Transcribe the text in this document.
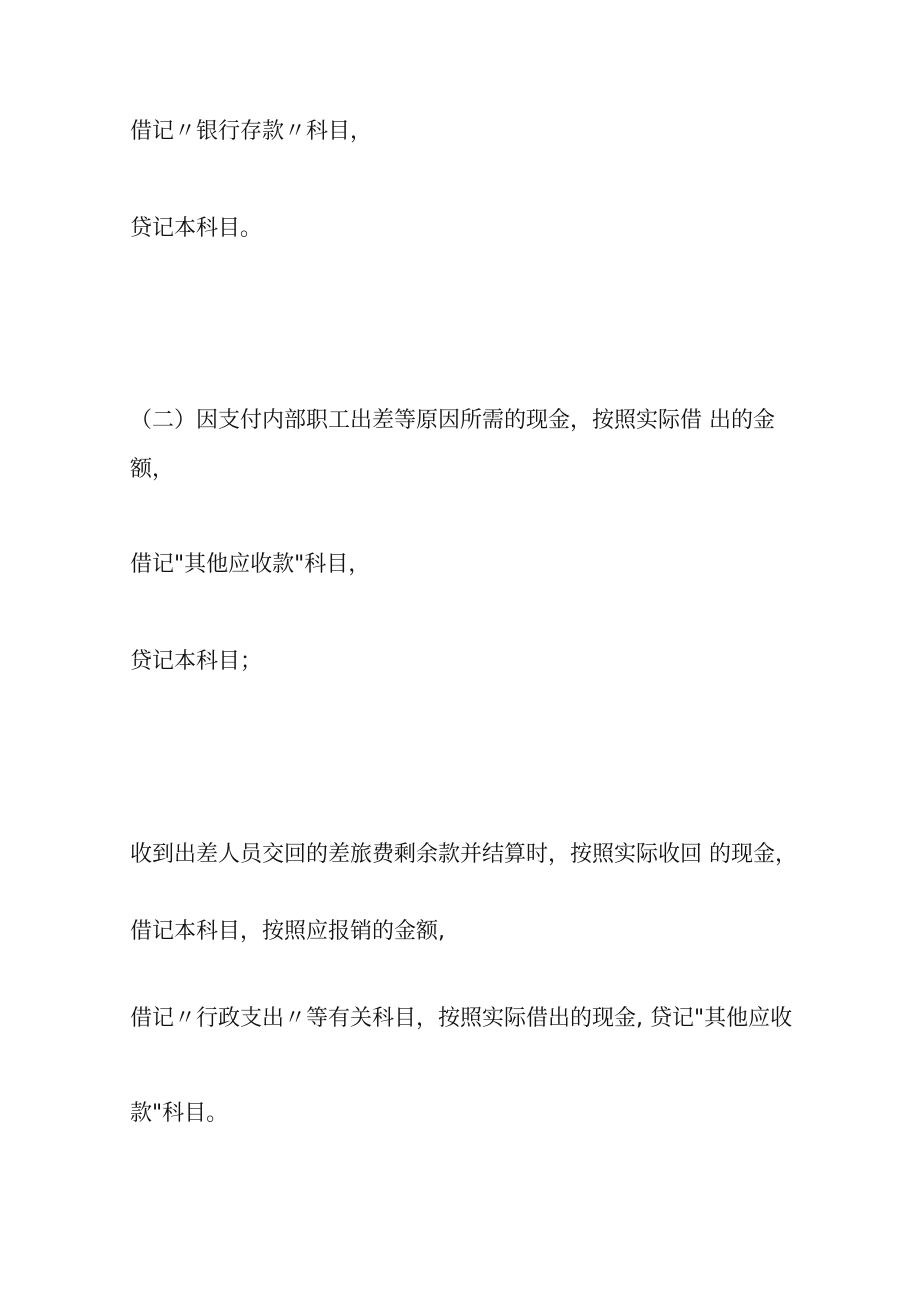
借记〃银行存款〃科目，
贷记本科目。
（二）因支付内部职工出差等原因所需的现金，按照实际借 出的金
额，
借记"其他应收款"科目，
贷记本科目；
收到出差人员交回的差旅费剩余款并结算时，按照实际收回 的现金，
借记本科目，按照应报销的金额,
借记〃行政支出〃等有关科目，按照实际借出的现金, 贷记"其他应收
款"科目。
